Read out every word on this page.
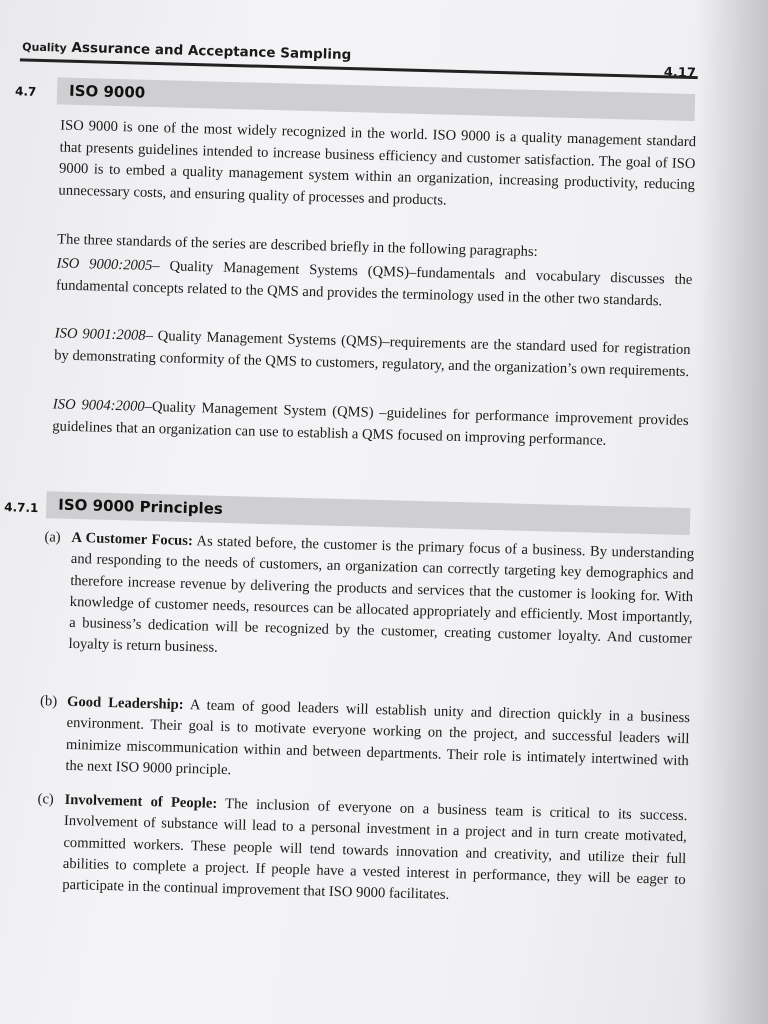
Quality Assurance and Acceptance Sampling
4.17
4.7 ISO 9000

ISO 9000 is one of the most widely recognized in the world. ISO 9000 is a quality management standard that presents guidelines intended to increase business efficiency and customer satisfaction. The goal of ISO 9000 is to embed a quality management system within an organization, increasing productivity, reducing unnecessary costs, and ensuring quality of processes and products.

The three standards of the series are described briefly in the following paragraphs:

ISO 9000:2005– Quality Management Systems (QMS)–fundamentals and vocabulary discusses the fundamental concepts related to the QMS and provides the terminology used in the other two standards.

ISO 9001:2008– Quality Management Systems (QMS)–requirements are the standard used for registration by demonstrating conformity of the QMS to customers, regulatory, and the organization’s own requirements.

ISO 9004:2000–Quality Management System (QMS) –guidelines for performance improvement provides guidelines that an organization can use to establish a QMS focused on improving performance.

4.7.1 ISO 9000 Principles
(a) A Customer Focus: As stated before, the customer is the primary focus of a business. By understanding and responding to the needs of customers, an organization can correctly targeting key demographics and therefore increase revenue by delivering the products and services that the customer is looking for. With knowledge of customer needs, resources can be allocated appropriately and efficiently. Most importantly, a business’s dedication will be recognized by the customer, creating customer loyalty. And customer loyalty is return business.
(b) Good Leadership: A team of good leaders will establish unity and direction quickly in a business environment. Their goal is to motivate everyone working on the project, and successful leaders will minimize miscommunication within and between departments. Their role is intimately intertwined with the next ISO 9000 principle.
(c) Involvement of People: The inclusion of everyone on a business team is critical to its success. Involvement of substance will lead to a personal investment in a project and in turn create motivated, committed workers. These people will tend towards innovation and creativity, and utilize their full abilities to complete a project. If people have a vested interest in performance, they will be eager to participate in the continual improvement that ISO 9000 facilitates.
